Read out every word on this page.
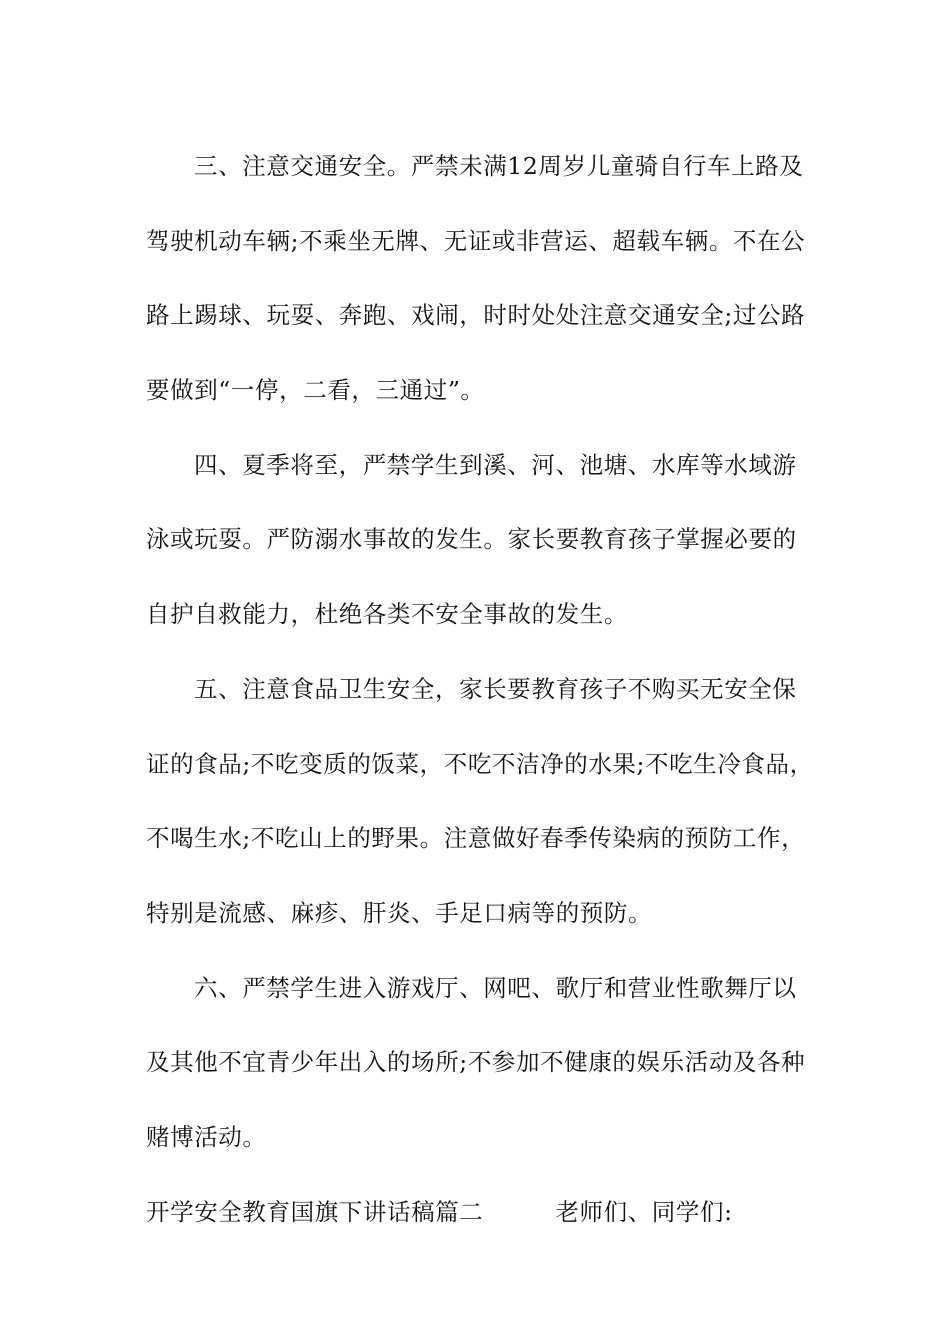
三、注意交通安全。严禁未满12周岁儿童骑自行车上路及
驾驶机动车辆;不乘坐无牌、无证或非营运、超载车辆。不在公
路上踢球、玩耍、奔跑、戏闹，时时处处注意交通安全;过公路
要做到“一停，二看，三通过”。
四、夏季将至，严禁学生到溪、河、池塘、水库等水域游
泳或玩耍。严防溺水事故的发生。家长要教育孩子掌握必要的
自护自救能力，杜绝各类不安全事故的发生。
五、注意食品卫生安全，家长要教育孩子不购买无安全保
证的食品;不吃变质的饭菜，不吃不洁净的水果;不吃生冷食品，
不喝生水;不吃山上的野果。注意做好春季传染病的预防工作，
特别是流感、麻疹、肝炎、手足口病等的预防。
六、严禁学生进入游戏厅、网吧、歌厅和营业性歌舞厅以
及其他不宜青少年出入的场所;不参加不健康的娱乐活动及各种
赌博活动。
开学安全教育国旗下讲话稿篇二	老师们、同学们:
